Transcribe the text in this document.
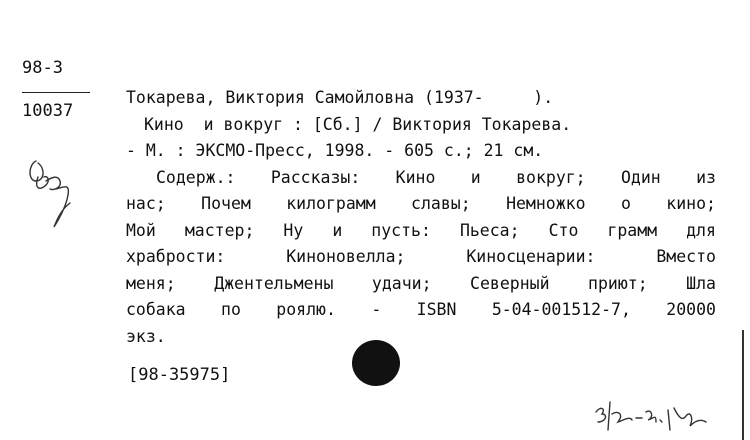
98-3
10037
Токарева, Виктория Самойловна (1937-     ).
Кино  и вокруг : [Сб.] / Виктория Токарева.
- М. : ЭКСМО-Пресс, 1998. - 605 с.; 21 см.
Содерж.: Рассказы: Кино и вокруг; Один из
нас; Почем килограмм славы; Немножко о кино;
Мой мастер; Ну и пусть: Пьеса; Сто грамм для
храбрости:	Киноновелла;	Киносценарии:	Вместо
меня; Джентельмены удачи; Северный приют; Шла
собака по роялю. - ISBN 5-04-001512-7, 20000
экз.
[98-35975]
